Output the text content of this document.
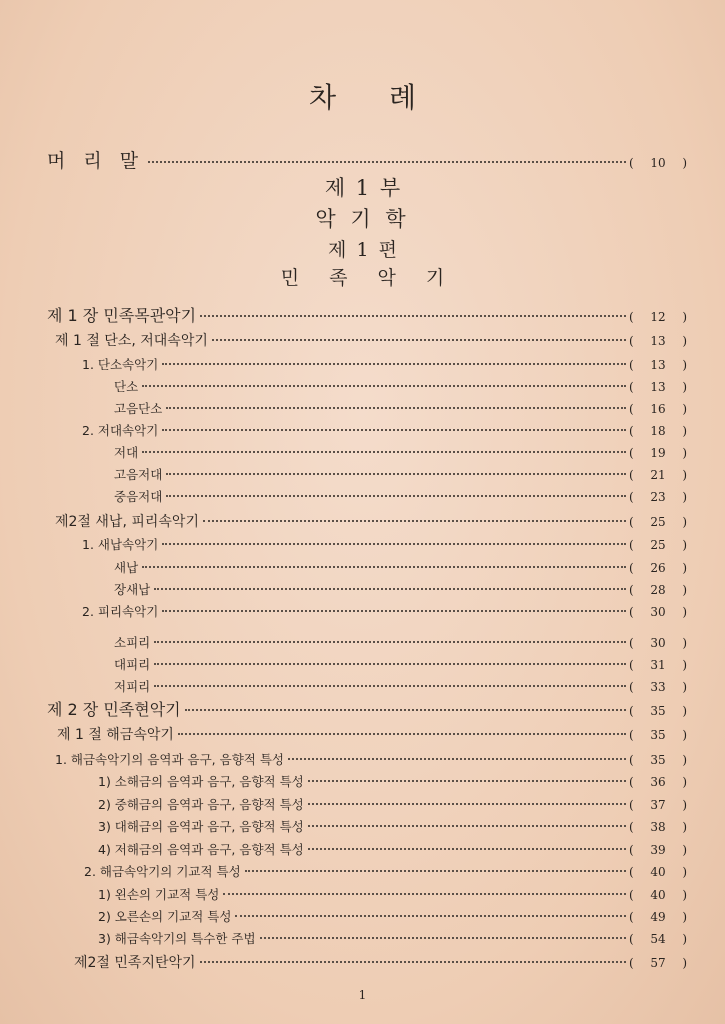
차 례
머 리 말	( 10 )
제 1 부
악 기 학
제 1 편
민 족 악 기
제 1 장 민족목관악기	( 12 )
제 1 절 단소, 저대속악기	( 13 )
1. 단소속악기	( 13 )
단소	( 13 )
고음단소	( 16 )
2. 저대속악기	( 18 )
저대	( 19 )
고음저대	( 21 )
중음저대	( 23 )
제2절 새납, 피리속악기	( 25 )
1. 새납속악기	( 25 )
새납	( 26 )
장새납	( 28 )
2. 피리속악기	( 30 )
소피리	( 30 )
대피리	( 31 )
저피리	( 33 )
제 2 장 민족현악기	( 35 )
제 1 절 해금속악기	( 35 )
1. 해금속악기의 음역과 음구, 음향적 특성	( 35 )
1) 소해금의 음역과 음구, 음향적 특성	( 36 )
2) 중해금의 음역과 음구, 음향적 특성	( 37 )
3) 대해금의 음역과 음구, 음향적 특성	( 38 )
4) 저해금의 음역과 음구, 음향적 특성	( 39 )
2. 해금속악기의 기교적 특성	( 40 )
1) 왼손의 기교적 특성	( 40 )
2) 오른손의 기교적 특성	( 49 )
3) 해금속악기의 특수한 주법	( 54 )
제2절 민족지탄악기	( 57 )
1
